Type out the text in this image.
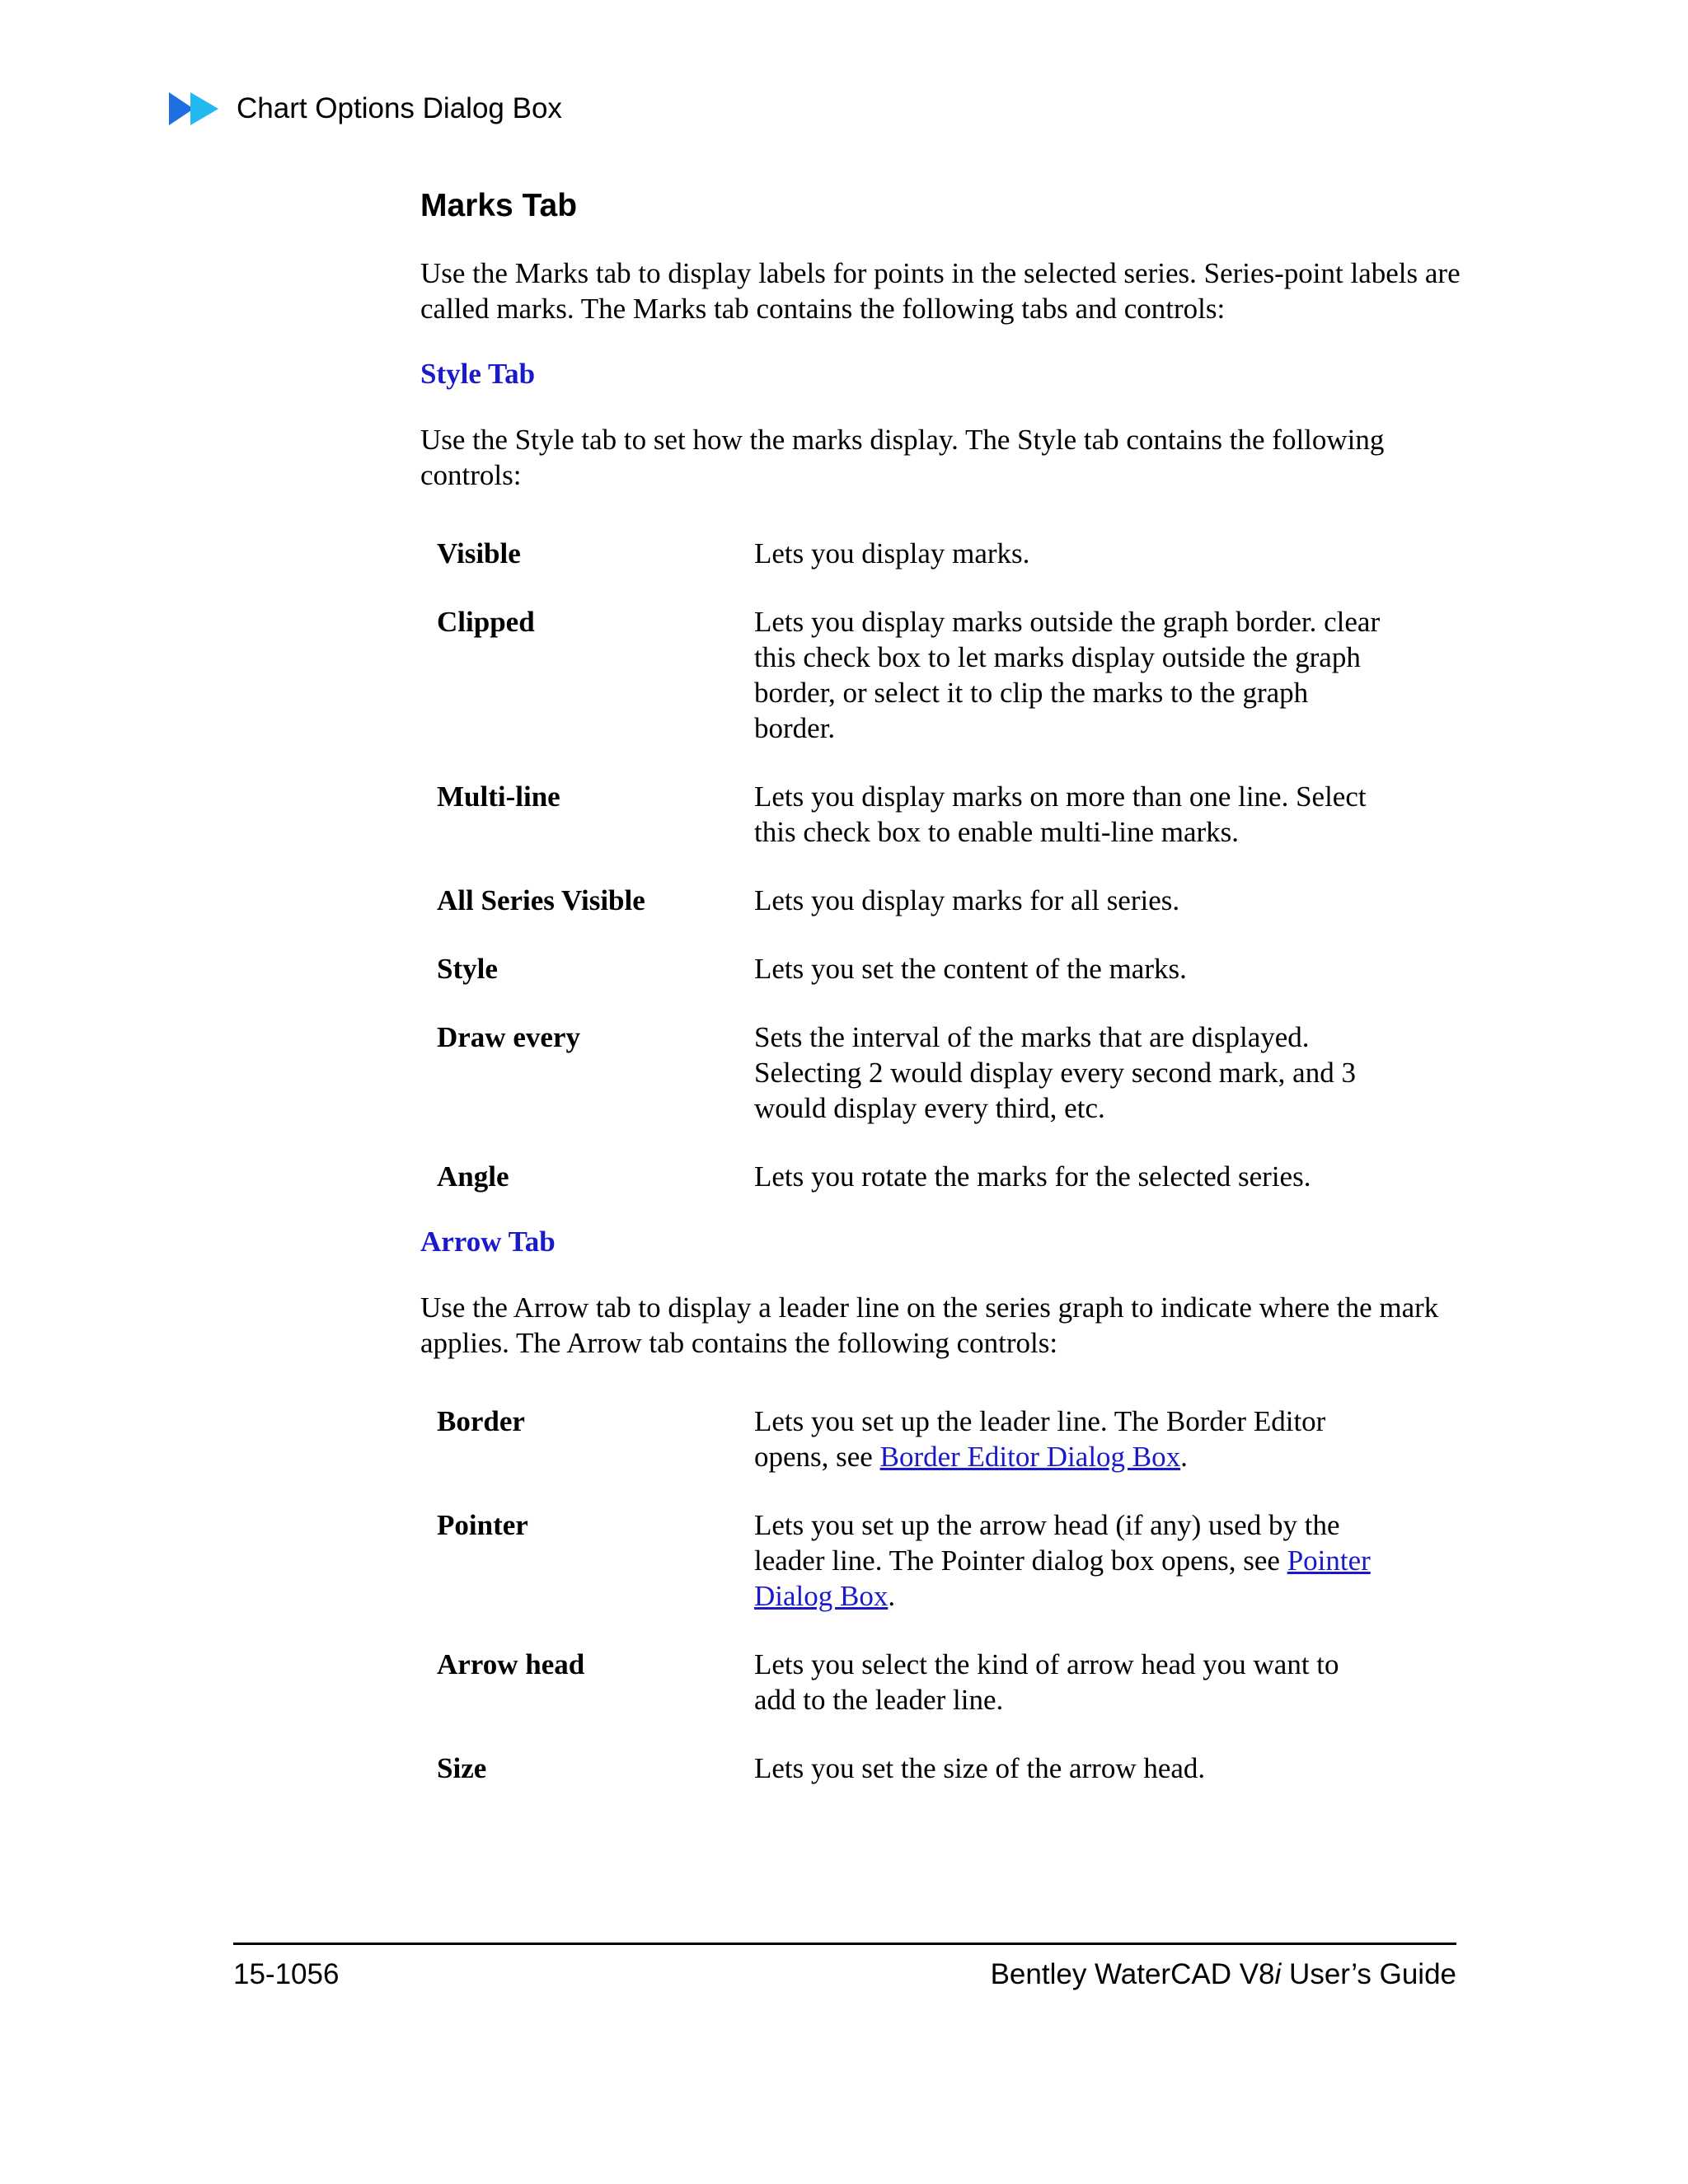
Chart Options Dialog Box
Marks Tab

Use the Marks tab to display labels for points in the selected series. Series-point labels are called marks. The Marks tab contains the following tabs and controls:

Style Tab

Use the Style tab to set how the marks display. The Style tab contains the following controls:

Visible	Lets you display marks.
Clipped	Lets you display marks outside the graph border. clear this check box to let marks display outside the graph border, or select it to clip the marks to the graph border.
Multi-line	Lets you display marks on more than one line. Select this check box to enable multi-line marks.
All Series Visible	Lets you display marks for all series.
Style	Lets you set the content of the marks.
Draw every	Sets the interval of the marks that are displayed. Selecting 2 would display every second mark, and 3 would display every third, etc.
Angle	Lets you rotate the marks for the selected series.
Arrow Tab

Use the Arrow tab to display a leader line on the series graph to indicate where the mark applies. The Arrow tab contains the following controls:

Border	Lets you set up the leader line. The Border Editor opens, see Border Editor Dialog Box.
Pointer	Lets you set up the arrow head (if any) used by the leader line. The Pointer dialog box opens, see Pointer Dialog Box.
Arrow head	Lets you select the kind of arrow head you want to add to the leader line.
Size	Lets you set the size of the arrow head.
15-1056	Bentley WaterCAD V8i User’s Guide
